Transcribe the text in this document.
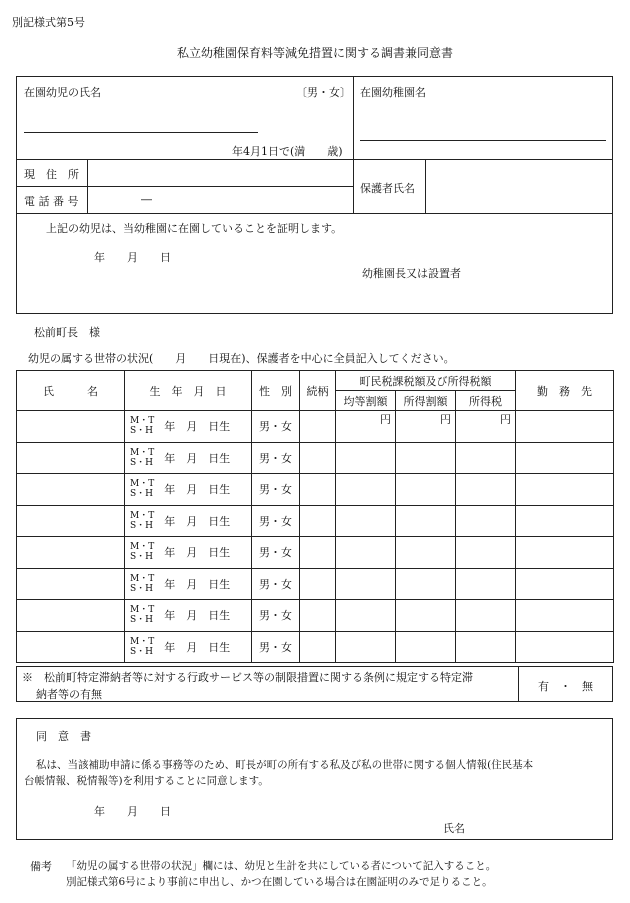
別記様式第5号
私立幼稚園保育料等減免措置に関する調書兼同意書
在園幼児の氏名	〔男・女〕
年4月1日で(満　　歳)
在園幼稚園名
現　住　所
電 話 番 号	―
保護者氏名
上記の幼児は、当幼稚園に在園していることを証明します。
年　　月　　日
幼稚園長又は設置者
松前町長　様
幼児の属する世帯の状況(　　月　　日現在)、保護者を中心に全員記入してください。
氏　　　名	生　年　月　日	性　別	続柄	町民税課税額及び所得税額			勤　務　先
				均等割額	所得割額	所得税	

	M・T
S・H 年　月　日生	男・女		円	円	円	

	M・T
S・H 年　月　日生	男・女					

	M・T
S・H 年　月　日生	男・女					

	M・T
S・H 年　月　日生	男・女					

	M・T
S・H 年　月　日生	男・女					

	M・T
S・H 年　月　日生	男・女					

	M・T
S・H 年　月　日生	男・女					

	M・T
S・H 年　月　日生	男・女					
※　松前町特定滞納者等に対する行政サービス等の制限措置に関する条例に規定する特定滞
納者等の有無
有　・　無
同　意　書
私は、当該補助申請に係る事務等のため、町長が町の所有する私及び私の世帯に関する個人情報(住民基本
台帳情報、税情報等)を利用することに同意します。
年　　月　　日
氏名
備考 「幼児の属する世帯の状況」欄には、幼児と生計を共にしている者について記入すること。
別記様式第6号により事前に申出し、かつ在園している場合は在園証明のみで足りること。
